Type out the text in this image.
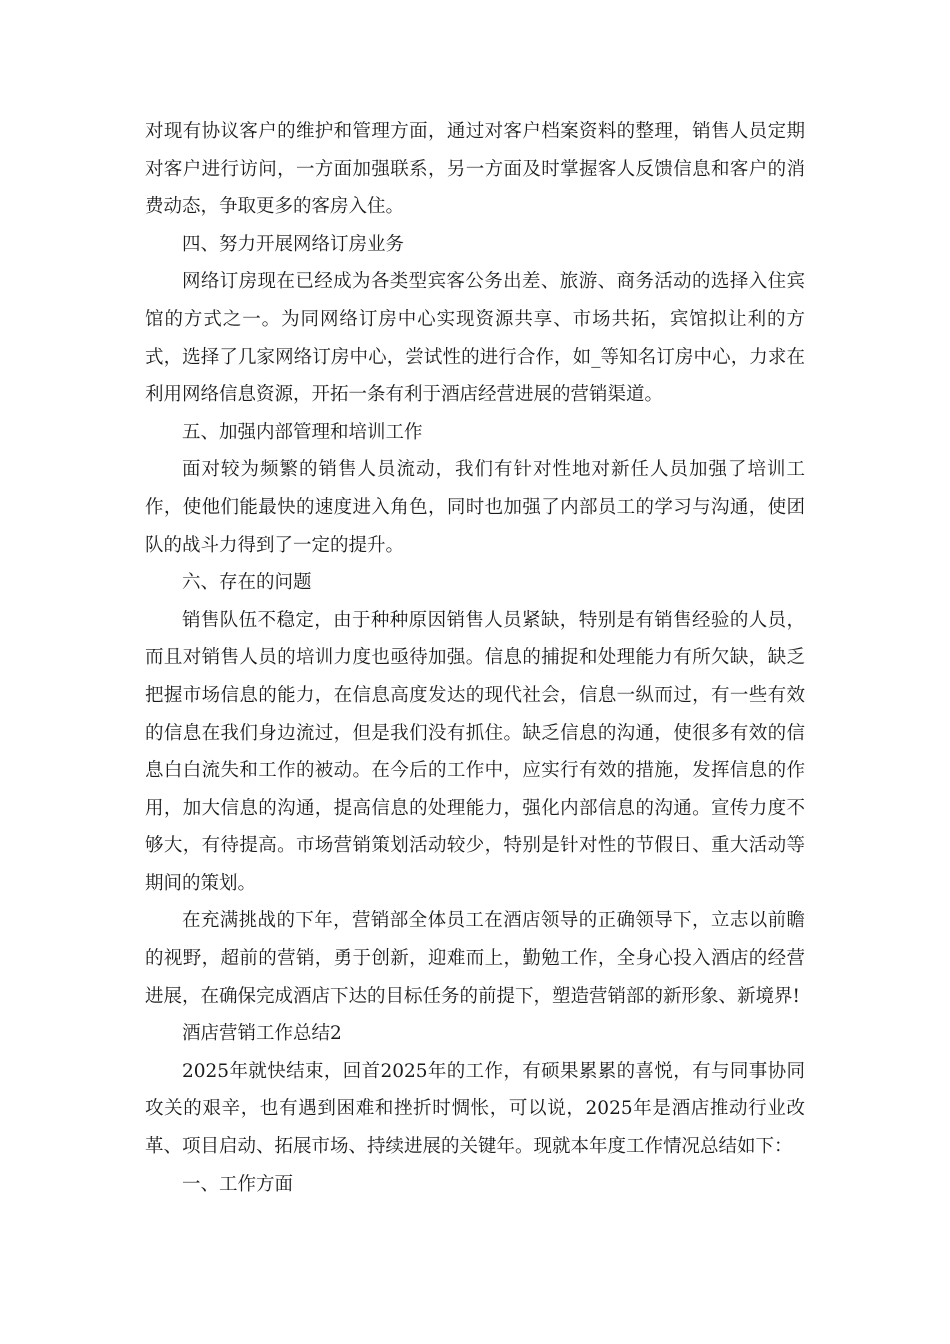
对现有协议客户的维护和管理方面，通过对客户档案资料的整理，销售人员定期对客户进行访问，一方面加强联系，另一方面及时掌握客人反馈信息和客户的消费动态，争取更多的客房入住。

四、努力开展网络订房业务

网络订房现在已经成为各类型宾客公务出差、旅游、商务活动的选择入住宾馆的方式之一。为同网络订房中心实现资源共享、市场共拓，宾馆拟让利的方式，选择了几家网络订房中心，尝试性的进行合作，如_等知名订房中心，力求在利用网络信息资源，开拓一条有利于酒店经营进展的营销渠道。

五、加强内部管理和培训工作

面对较为频繁的销售人员流动，我们有针对性地对新任人员加强了培训工作，使他们能最快的速度进入角色，同时也加强了内部员工的学习与沟通，使团队的战斗力得到了一定的提升。

六、存在的问题

销售队伍不稳定，由于种种原因销售人员紧缺，特别是有销售经验的人员，而且对销售人员的培训力度也亟待加强。信息的捕捉和处理能力有所欠缺，缺乏把握市场信息的能力，在信息高度发达的现代社会，信息一纵而过，有一些有效的信息在我们身边流过，但是我们没有抓住。缺乏信息的沟通，使很多有效的信息白白流失和工作的被动。在今后的工作中，应实行有效的措施，发挥信息的作用，加大信息的沟通，提高信息的处理能力，强化内部信息的沟通。宣传力度不够大，有待提高。市场营销策划活动较少，特别是针对性的节假日、重大活动等期间的策划。

在充满挑战的下年，营销部全体员工在酒店领导的正确领导下，立志以前瞻的视野，超前的营销，勇于创新，迎难而上，勤勉工作，全身心投入酒店的经营进展，在确保完成酒店下达的目标任务的前提下，塑造营销部的新形象、新境界!

酒店营销工作总结2

2025年就快结束，回首2025年的工作，有硕果累累的喜悦，有与同事协同攻关的艰辛，也有遇到困难和挫折时惆怅，可以说，2025年是酒店推动行业改革、项目启动、拓展市场、持续进展的关键年。现就本年度工作情况总结如下：

一、工作方面
